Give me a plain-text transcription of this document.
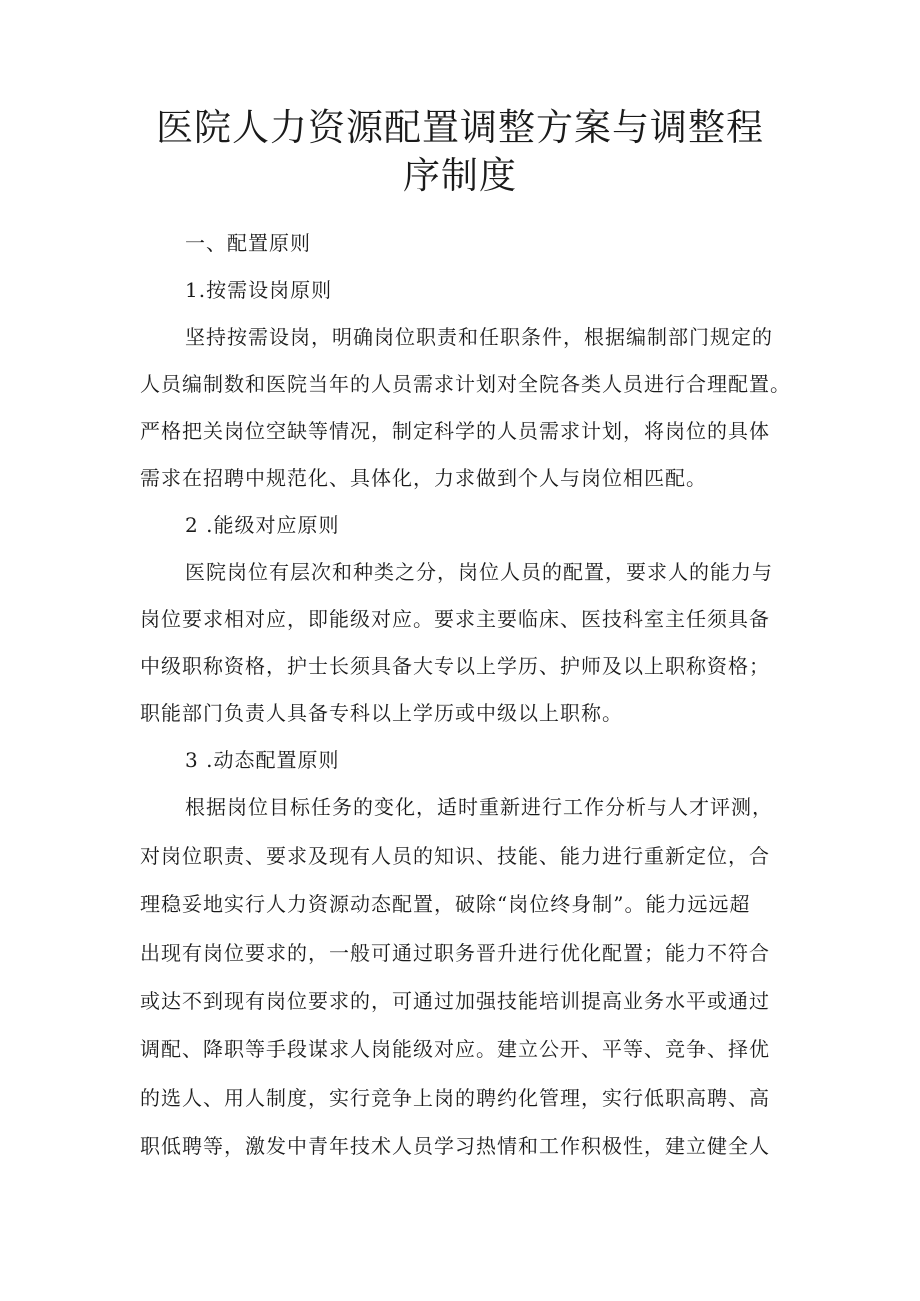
医院人力资源配置调整方案与调整程序制度

一、配置原则

1.按需设岗原则

坚持按需设岗，明确岗位职责和任职条件，根据编制部门规定的
人员编制数和医院当年的人员需求计划对全院各类人员进行合理配置。
严格把关岗位空缺等情况，制定科学的人员需求计划，将岗位的具体
需求在招聘中规范化、具体化，力求做到个人与岗位相匹配。

2 .能级对应原则

医院岗位有层次和种类之分，岗位人员的配置，要求人的能力与
岗位要求相对应，即能级对应。要求主要临床、医技科室主任须具备
中级职称资格，护士长须具备大专以上学历、护师及以上职称资格；
职能部门负责人具备专科以上学历或中级以上职称。

3 .动态配置原则

根据岗位目标任务的变化，适时重新进行工作分析与人才评测，
对岗位职责、要求及现有人员的知识、技能、能力进行重新定位，合
理稳妥地实行人力资源动态配置，破除“岗位终身制”。能力远远超
出现有岗位要求的，一般可通过职务晋升进行优化配置；能力不符合
或达不到现有岗位要求的，可通过加强技能培训提高业务水平或通过
调配、降职等手段谋求人岗能级对应。建立公开、平等、竞争、择优
的选人、用人制度，实行竞争上岗的聘约化管理，实行低职高聘、高
职低聘等，激发中青年技术人员学习热情和工作积极性，建立健全人
